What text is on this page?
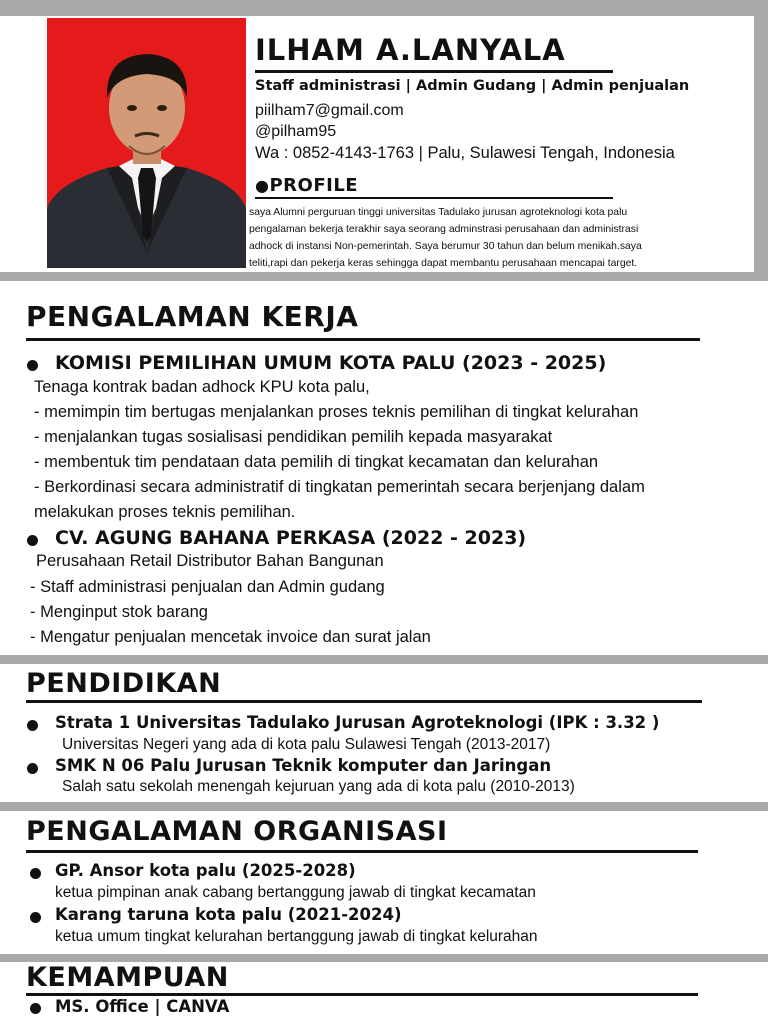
ILHAM A.LANYALA
Staff administrasi | Admin Gudang | Admin penjualan
piilham7@gmail.com
@pilham95
Wa : 0852-4143-1763 | Palu, Sulawesi Tengah, Indonesia
●PROFILE
saya Alumni perguruan tinggi universitas Tadulako jurusan agroteknologi kota palu
pengalaman bekerja terakhir saya seorang adminstrasi perusahaan dan administrasi
adhock di instansi Non-pemerintah. Saya berumur 30 tahun dan belum menikah.saya
teliti,rapi dan pekerja keras sehingga dapat membantu perusahaan mencapai target.
PENGALAMAN KERJA
KOMISI PEMILIHAN UMUM KOTA PALU (2023 - 2025)
Tenaga kontrak badan adhock KPU kota palu,
- memimpin tim bertugas menjalankan proses teknis pemilihan di tingkat kelurahan
- menjalankan tugas sosialisasi pendidikan pemilih kepada masyarakat
- membentuk tim pendataan data pemilih di tingkat kecamatan dan kelurahan
- Berkordinasi secara administratif di tingkatan pemerintah secara berjenjang dalam
melakukan proses teknis pemilihan.
CV. AGUNG BAHANA PERKASA (2022 - 2023)
Perusahaan Retail Distributor Bahan Bangunan
- Staff administrasi penjualan dan Admin gudang
- Menginput stok barang
- Mengatur penjualan mencetak invoice dan surat jalan
PENDIDIKAN
Strata 1 Universitas Tadulako Jurusan Agroteknologi (IPK : 3.32 )
Universitas Negeri yang ada di kota palu Sulawesi Tengah (2013-2017)
SMK N 06 Palu Jurusan Teknik komputer dan Jaringan
Salah satu sekolah menengah kejuruan yang ada di kota palu (2010-2013)
PENGALAMAN ORGANISASI
GP. Ansor kota palu (2025-2028)
ketua pimpinan anak cabang bertanggung jawab di tingkat kecamatan
Karang taruna kota palu (2021-2024)
ketua umum tingkat kelurahan bertanggung jawab di tingkat kelurahan
KEMAMPUAN
MS. Office | CANVA
